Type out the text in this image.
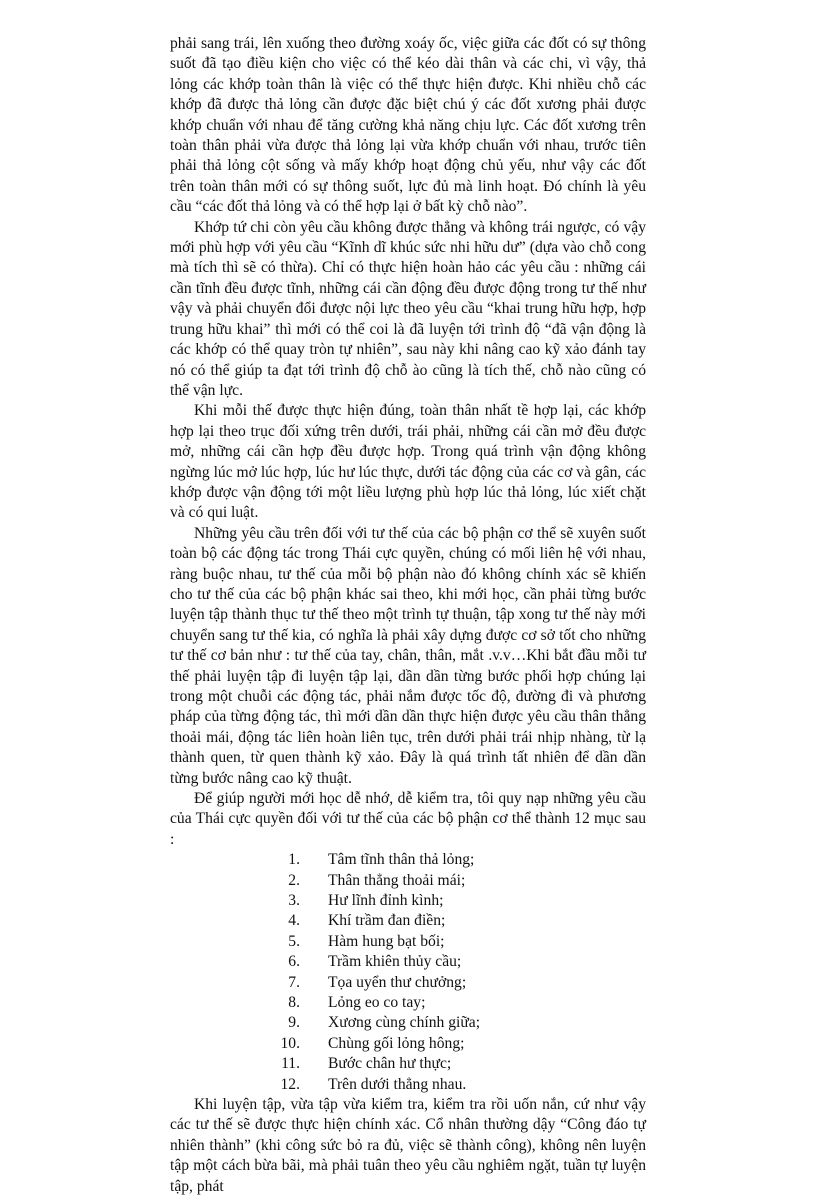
phải sang trái, lên xuống theo đường xoáy ốc, việc giữa các đốt có sự thông suốt đã tạo điều kiện cho việc có thể kéo dài thân và các chi, vì vậy, thả lỏng các khớp toàn thân là việc có thể thực hiện được. Khi nhiều chỗ các khớp đã được thả lỏng cần được đặc biệt chú ý các đốt xương phải được khớp chuẩn với nhau để tăng cường khả năng chịu lực. Các đốt xương trên toàn thân phải vừa được thả lỏng lại vừa khớp chuẩn với nhau, trước tiên phải thả lỏng cột sống và mấy khớp hoạt động chủ yếu, như vậy các đốt trên toàn thân mới có sự thông suốt, lực đủ mà linh hoạt. Đó chính là yêu cầu “các đốt thả lỏng và có thể hợp lại ở bất kỳ chỗ nào”.

Khớp tứ chi còn yêu cầu không được thẳng và không trái ngược, có vậy mới phù hợp với yêu cầu “Kĩnh dĩ khúc sức nhi hữu dư” (dựa vào chỗ cong mà tích thì sẽ có thừa). Chỉ có thực hiện hoàn hảo các yêu cầu : những cái cần tĩnh đều được tĩnh, những cái cần động đều được động trong tư thế như vậy và phải chuyển đổi được nội lực theo yêu cầu “khai trung hữu hợp, hợp trung hữu khai” thì mới có thể coi là đã luyện tới trình độ “đã vận động là các khớp có thể quay tròn tự nhiên”, sau này khi nâng cao kỹ xảo đánh tay nó có thể giúp ta đạt tới trình độ chỗ ào cũng là tích thế, chỗ nào cũng có thể vận lực.

Khi mỗi thế được thực hiện đúng, toàn thân nhất tề hợp lại, các khớp hợp lại theo trục đối xứng trên dưới, trái phải, những cái cần mở đều được mở, những cái cần hợp đều được hợp. Trong quá trình vận động không ngừng lúc mở lúc hợp, lúc hư lúc thực, dưới tác động của các cơ và gân, các khớp được vận động tới một liều lượng phù hợp lúc thả lỏng, lúc xiết chặt và có qui luật.

Những yêu cầu trên đối với tư thế của các bộ phận cơ thể sẽ xuyên suốt toàn bộ các động tác trong Thái cực quyền, chúng có mối liên hệ với nhau, ràng buộc nhau, tư thế của mỗi bộ phận nào đó không chính xác sẽ khiến cho tư thế của các bộ phận khác sai theo, khi mới học, cần phải từng bước luyện tập thành thục tư thế theo một trình tự thuận, tập xong tư thế này mới chuyển sang tư thế kia, có nghĩa là phải xây dựng được cơ sở tốt cho những tư thế cơ bản như : tư thế của tay, chân, thân, mắt .v.v…Khi bắt đầu mỗi tư thế phải luyện tập đi luyện tập lại, dần dần từng bước phối hợp chúng lại trong một chuỗi các động tác, phải nắm được tốc độ, đường đi và phương pháp của từng động tác, thì mới dần dần thực hiện được yêu cầu thân thẳng thoải mái, động tác liên hoàn liên tục, trên dưới phải trái nhịp nhàng, từ lạ thành quen, từ quen thành kỹ xảo. Đây là quá trình tất nhiên để dần dần từng bước nâng cao kỹ thuật.

Để giúp người mới học dễ nhớ, dễ kiểm tra, tôi quy nạp những yêu cầu của Thái cực quyền đối với tư thế của các bộ phận cơ thể thành 12 mục sau :

1 .	Tâm tĩnh thân thả lỏng;
2 .	Thân thẳng thoải mái;
3 .	Hư lĩnh đỉnh kình;
4 .	Khí trầm đan điền;
5 .	Hàm hung bạt bối;
6 .	Trầm khiên thủy cầu;
7 .	Tọa uyển thư chưởng;
8 .	Lỏng eo co tay;
9 .	Xương cùng chính giữa;
10 .	Chùng gối lỏng hông;
11 .	Bước chân hư thực;
12 .	Trên dưới thẳng nhau.

Khi luyện tập, vừa tập vừa kiểm tra, kiểm tra rồi uốn nắn, cứ như vậy các tư thế sẽ được thực hiện chính xác. Cổ nhân thường dậy “Công đáo tự nhiên thành” (khi công sức bỏ ra đủ, việc sẽ thành công), không nên luyện tập một cách bừa bãi, mà phải tuân theo yêu cầu nghiêm ngặt, tuần tự luyện tập, phát
